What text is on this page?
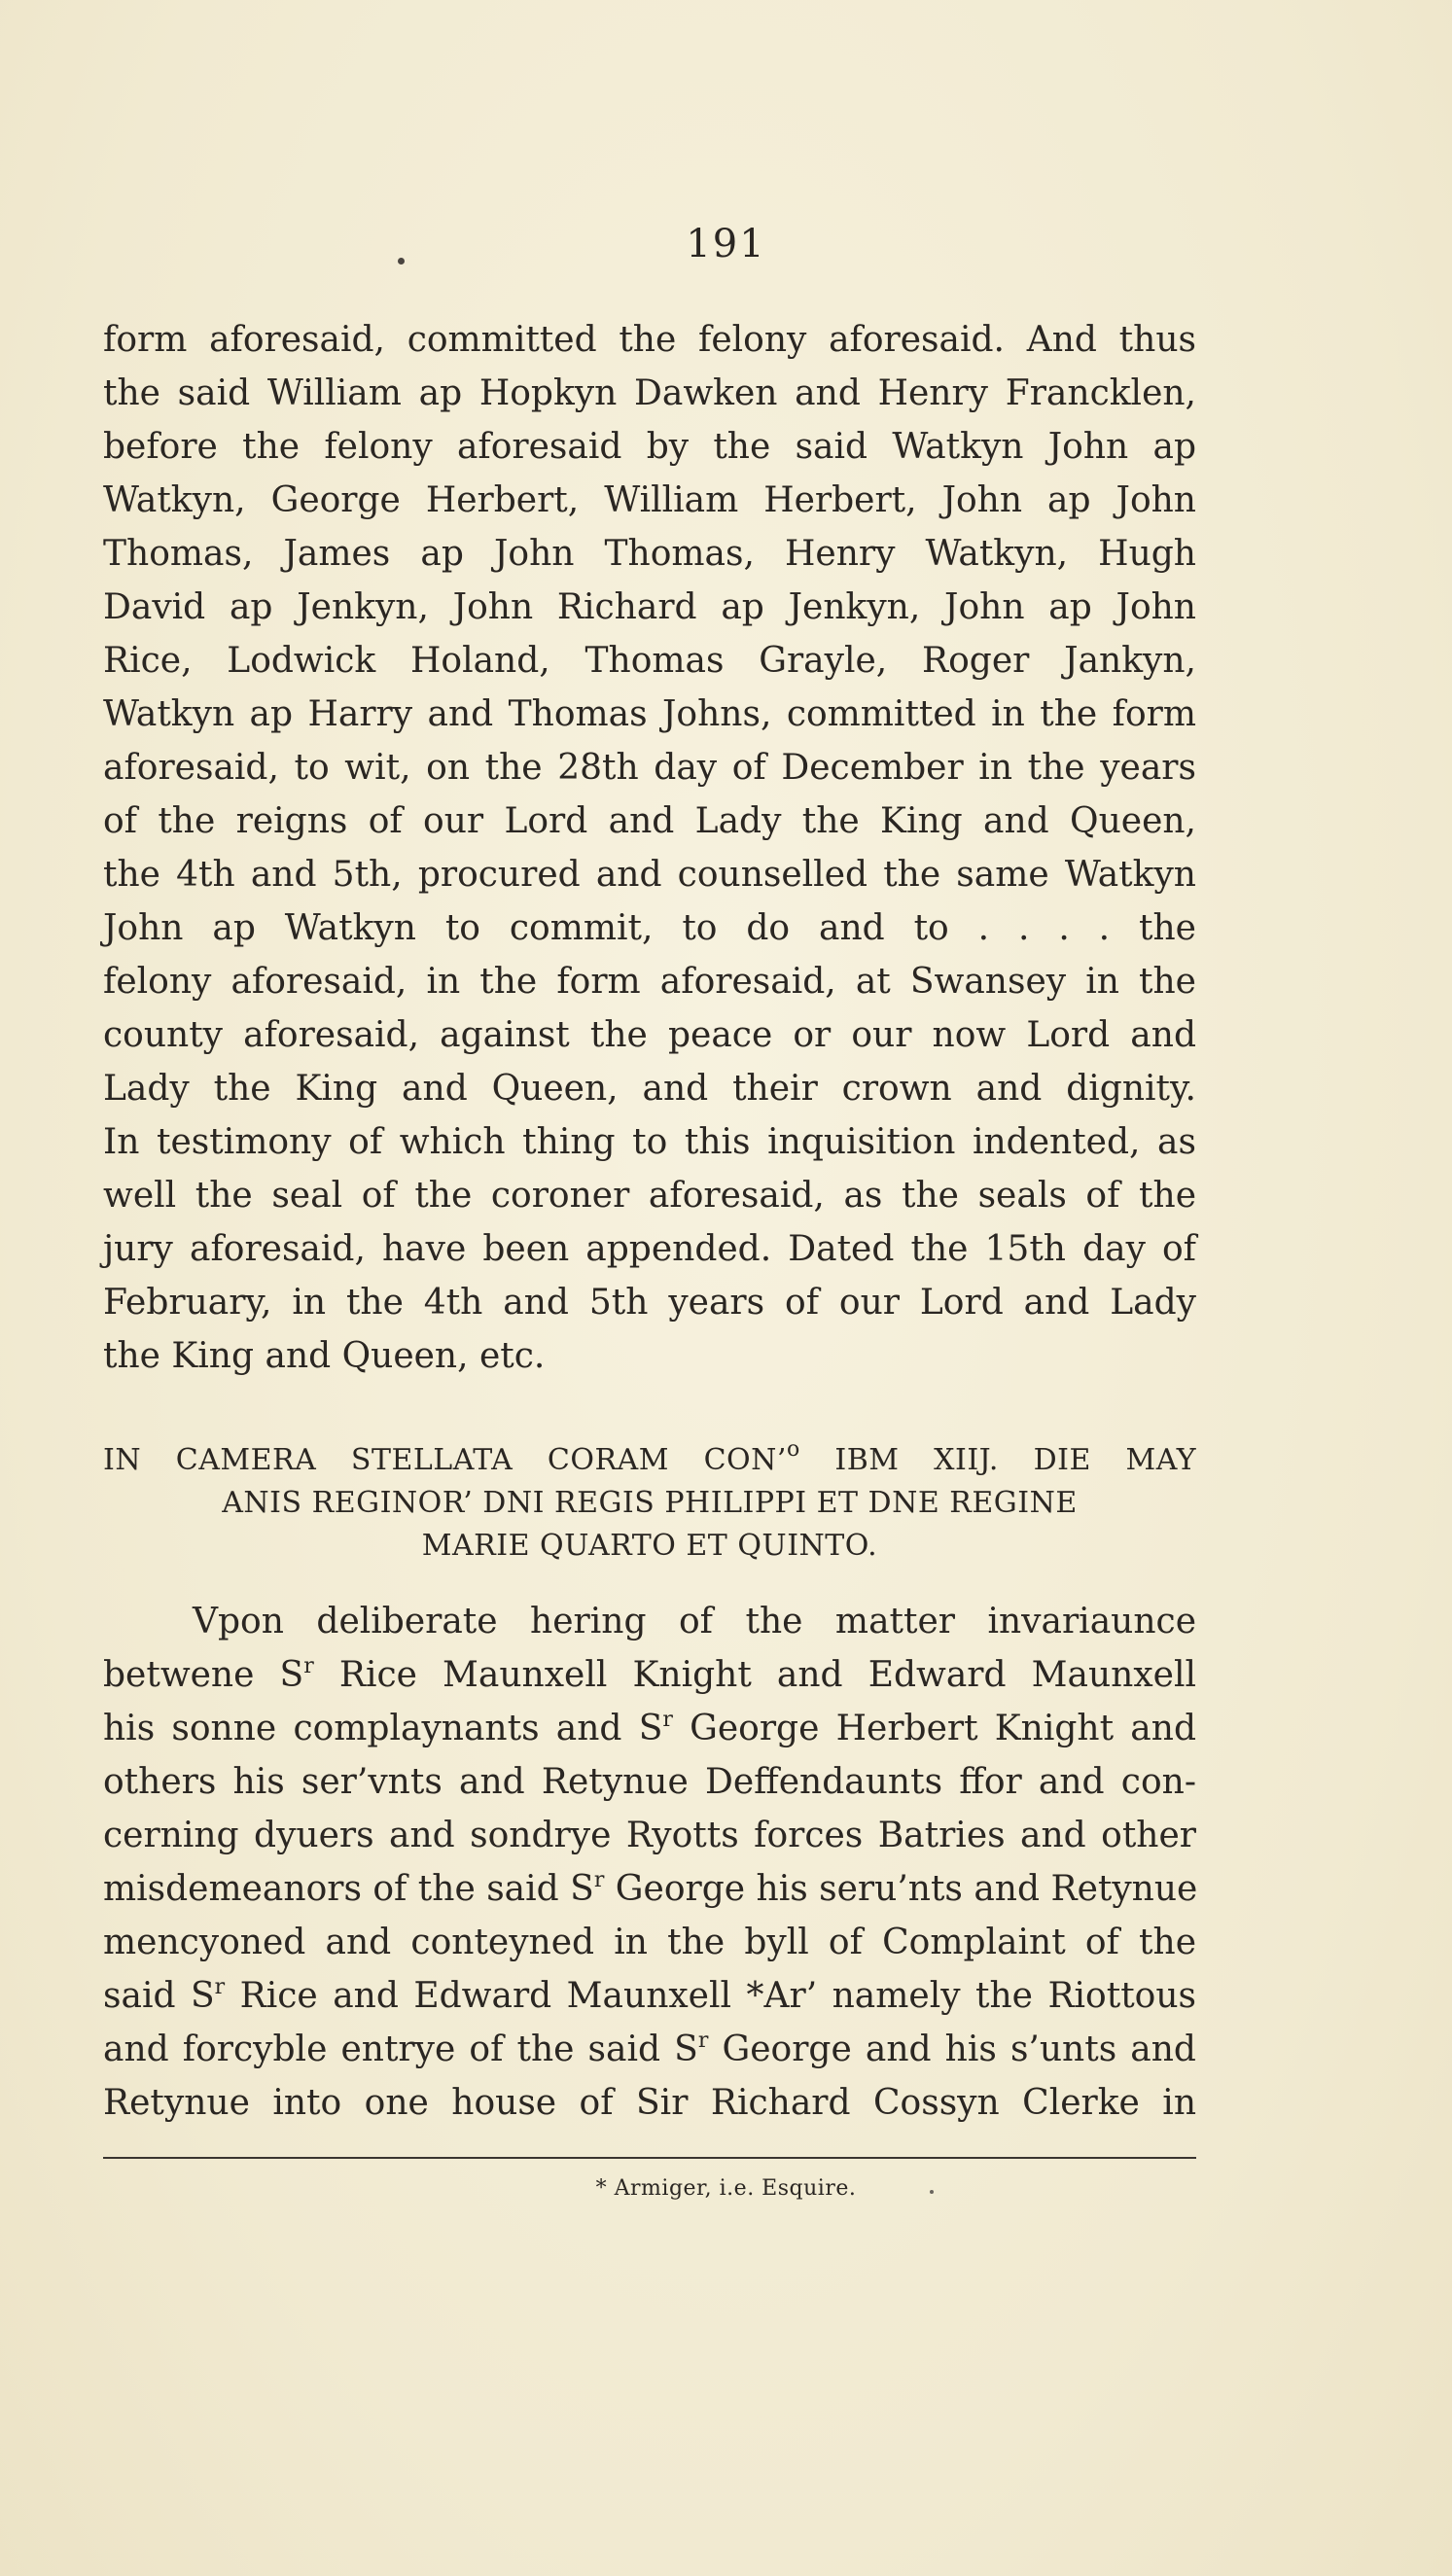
191
form aforesaid, committed the felony aforesaid. And thus
the said William ap Hopkyn Dawken and Henry Francklen,
before the felony aforesaid by the said Watkyn John ap
Watkyn, George Herbert, William Herbert, John ap John
Thomas, James ap John Thomas, Henry Watkyn, Hugh
David ap Jenkyn, John Richard ap Jenkyn, John ap John
Rice, Lodwick Holand, Thomas Grayle, Roger Jankyn,
Watkyn ap Harry and Thomas Johns, committed in the form
aforesaid, to wit, on the 28th day of December in the years
of the reigns of our Lord and Lady the King and Queen,
the 4th and 5th, procured and counselled the same Watkyn
John ap Watkyn to commit, to do and to . . . . the
felony aforesaid, in the form aforesaid, at Swansey in the
county aforesaid, against the peace or our now Lord and
Lady the King and Queen, and their crown and dignity.
In testimony of which thing to this inquisition indented, as
well the seal of the coroner aforesaid, as the seals of the
jury aforesaid, have been appended. Dated the 15th day of
February, in the 4th and 5th years of our Lord and Lady
the King and Queen, etc.
IN CAMERA STELLATA CORAM CON’$^o$ IBM XIIJ. DIE MAY
ANIS REGINOR’ DNI REGIS PHILIPPI ET DNE REGINE
MARIE QUARTO ET QUINTO.
Vpon deliberate hering of the matter invariaunce
betwene $S^r$ Rice Maunxell Knight and Edward Maunxell
his sonne complaynants and $S^r$ George Herbert Knight and
others his ser’vnts and Retynue Deffendaunts ffor and con-
cerning dyuers and sondrye Ryotts forces Batries and other
misdemeanors of the said $S^r$ George his seru’nts and Retynue
mencyoned and conteyned in the byll of Complaint of the
said $S^r$ Rice and Edward Maunxell *Ar’ namely the Riottous
and forcyble entrye of the said $S^r$ George and his s’unts and
Retynue into one house of Sir Richard Cossyn Clerke in
* Armiger, i.e. Esquire.
